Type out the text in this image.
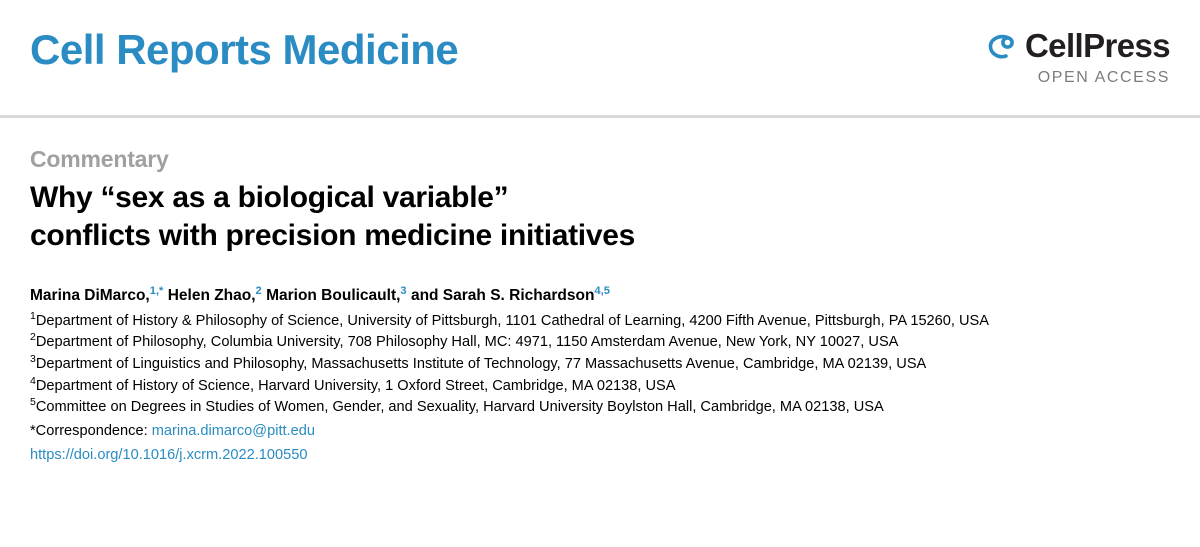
Cell Reports Medicine	CellPress
OPEN ACCESS
Commentary
Why “sex as a biological variable”
conflicts with precision medicine initiatives
Marina DiMarco,$^{1,*}$ Helen Zhao,$^2$ Marion Boulicault,$^3$ and Sarah S. Richardson$^{4,5}$
$^1$Department of History & Philosophy of Science, University of Pittsburgh, 1101 Cathedral of Learning, 4200 Fifth Avenue, Pittsburgh, PA 15260, USA
$^2$Department of Philosophy, Columbia University, 708 Philosophy Hall, MC: 4971, 1150 Amsterdam Avenue, New York, NY 10027, USA
$^3$Department of Linguistics and Philosophy, Massachusetts Institute of Technology, 77 Massachusetts Avenue, Cambridge, MA 02139, USA
$^4$Department of History of Science, Harvard University, 1 Oxford Street, Cambridge, MA 02138, USA
$^5$Committee on Degrees in Studies of Women, Gender, and Sexuality, Harvard University Boylston Hall, Cambridge, MA 02138, USA
*Correspondence: marina.dimarco@pitt.edu
https://doi.org/10.1016/j.xcrm.2022.100550
